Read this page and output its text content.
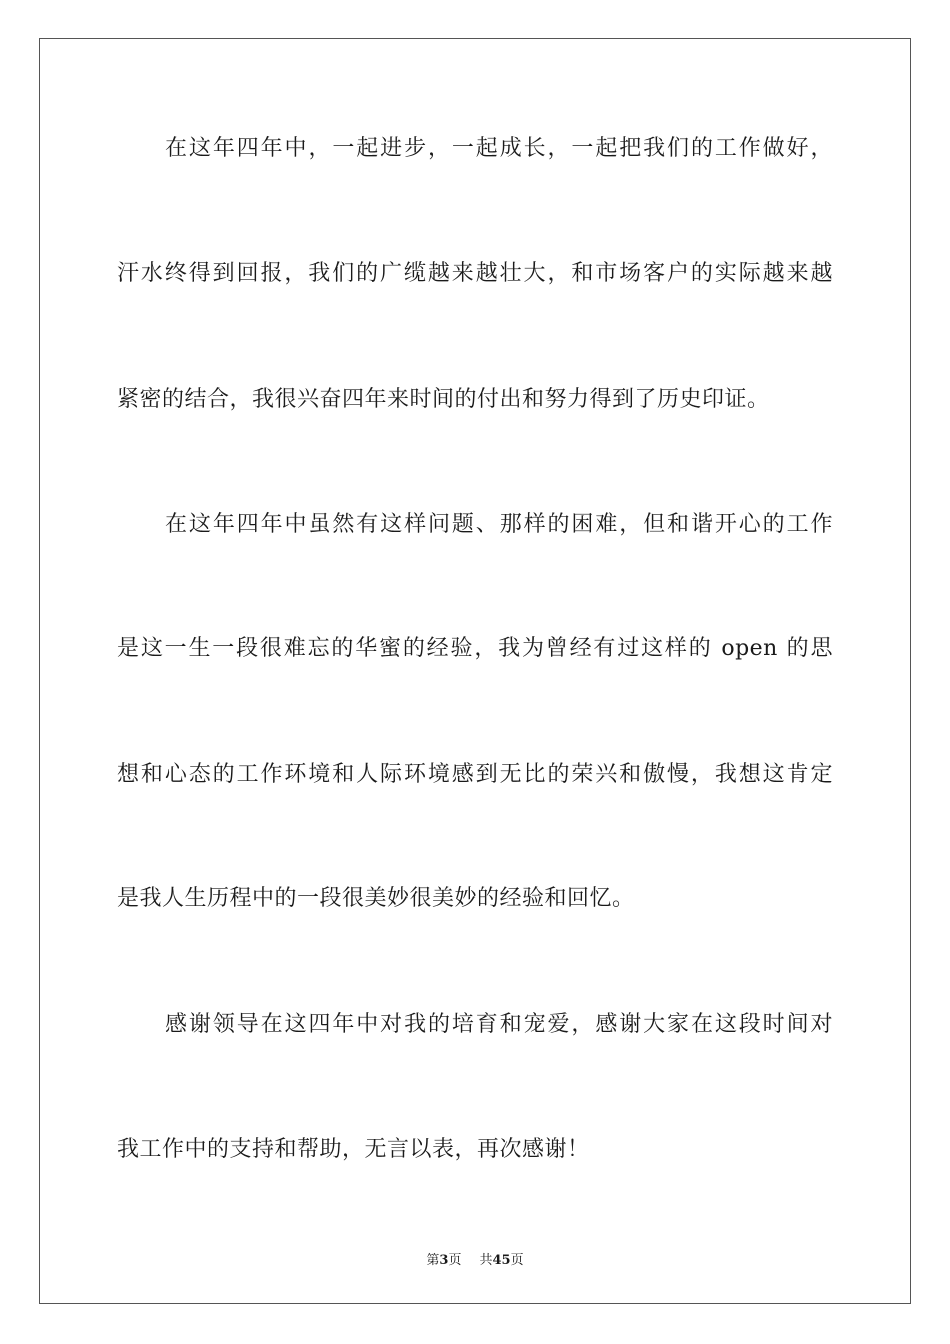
在这年四年中，一起进步，一起成长，一起把我们的工作做好，
汗水终得到回报，我们的广缆越来越壮大，和市场客户的实际越来越
紧密的结合，我很兴奋四年来时间的付出和努力得到了历史印证。
在这年四年中虽然有这样问题、那样的困难，但和谐开心的工作
是这一生一段很难忘的华蜜的经验，我为曾经有过这样的 open 的思
想和心态的工作环境和人际环境感到无比的荣兴和傲慢，我想这肯定
是我人生历程中的一段很美妙很美妙的经验和回忆。
感谢领导在这四年中对我的培育和宠爱，感谢大家在这段时间对
我工作中的支持和帮助，无言以表，再次感谢！
第3页 共45页
